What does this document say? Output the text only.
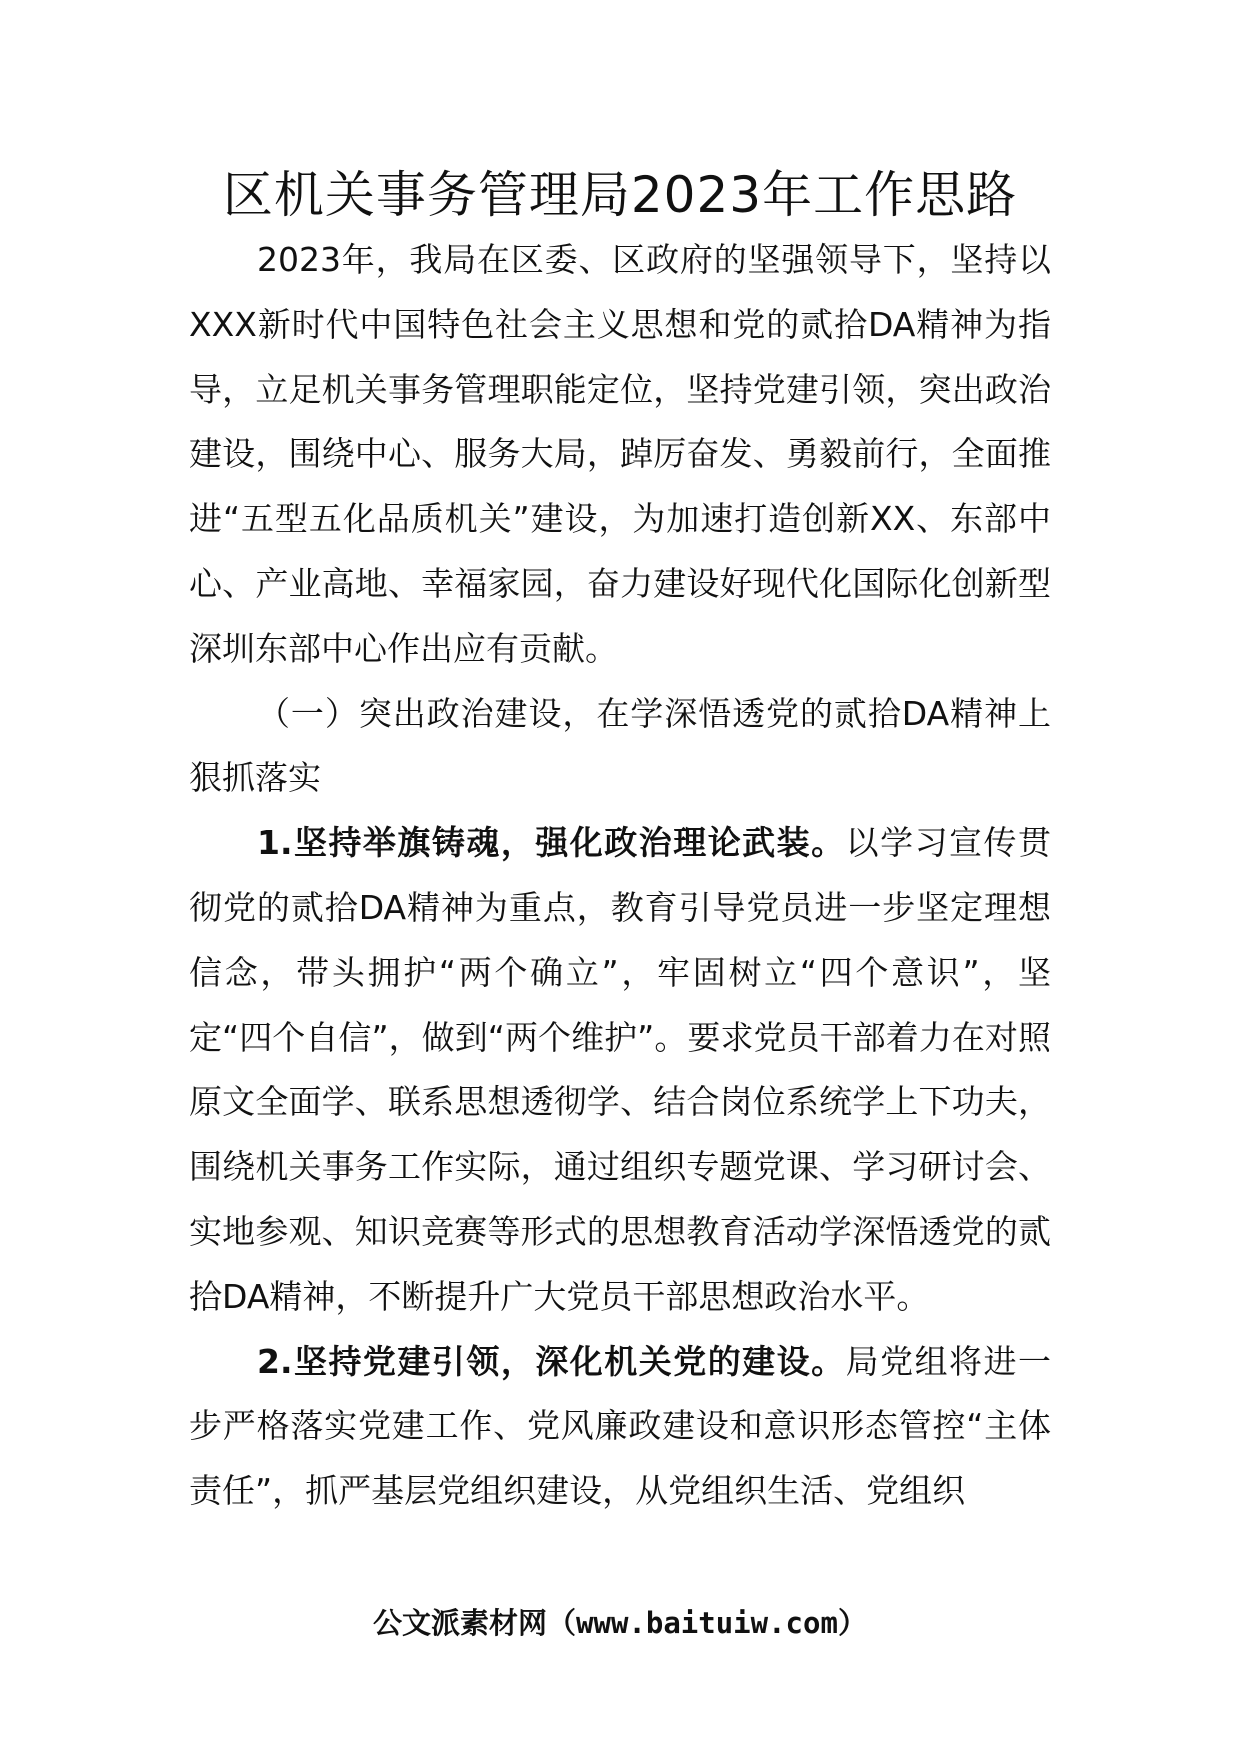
区机关事务管理局2023年工作思路

2023年，我局在区委、区政府的坚强领导下，坚持以XXX新时代中国特色社会主义思想和党的贰拾DA精神为指导，立足机关事务管理职能定位，坚持党建引领，突出政治建设，围绕中心、服务大局，踔厉奋发、勇毅前行，全面推进“五型五化品质机关”建设，为加速打造创新XX、东部中心、产业高地、幸福家园，奋力建设好现代化国际化创新型深圳东部中心作出应有贡献。

（一）突出政治建设，在学深悟透党的贰拾DA精神上狠抓落实

1.坚持举旗铸魂，强化政治理论武装。以学习宣传贯彻党的贰拾DA精神为重点，教育引导党员进一步坚定理想信念，带头拥护“两个确立”，牢固树立“四个意识”，坚定“四个自信”，做到“两个维护”。要求党员干部着力在对照原文全面学、联系思想透彻学、结合岗位系统学上下功夫，围绕机关事务工作实际，通过组织专题党课、学习研讨会、实地参观、知识竞赛等形式的思想教育活动学深悟透党的贰拾DA精神，不断提升广大党员干部思想政治水平。

2.坚持党建引领，深化机关党的建设。局党组将进一步严格落实党建工作、党风廉政建设和意识形态管控“主体责任”，抓严基层党组织建设，从党组织生活、党组织

公文派素材网（www.baituiw.com）
